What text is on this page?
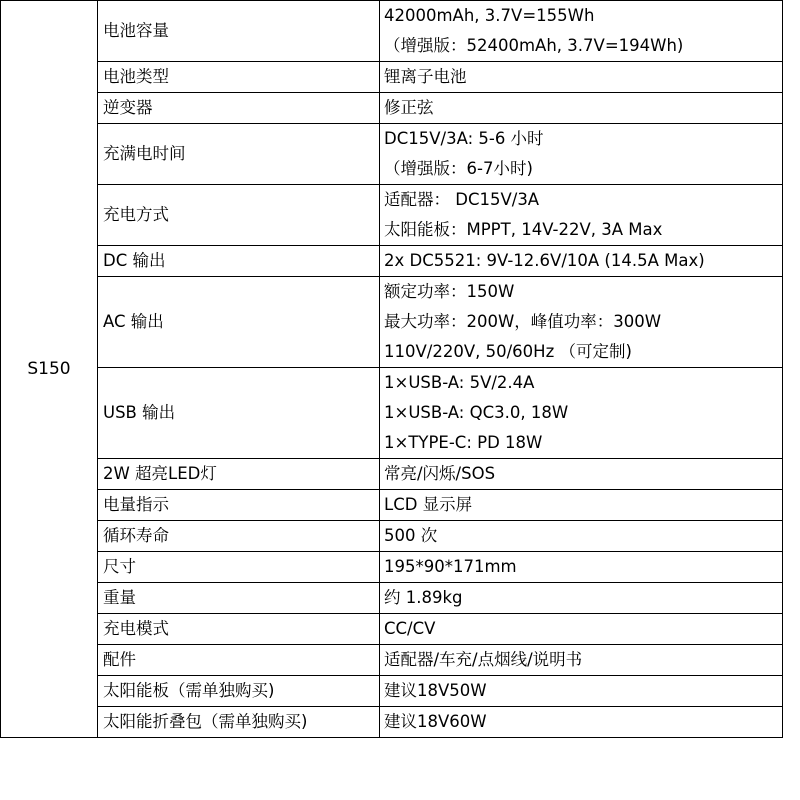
S150	电池容量	42000mAh, 3.7V=155Wh
（增强版：52400mAh, 3.7V=194Wh)

	电池类型	锂离子电池

	逆变器	修正弦

	充满电时间	DC15V/3A: 5-6 小时
（增强版：6-7小时)

	充电方式	适配器： DC15V/3A
太阳能板：MPPT, 14V-22V, 3A Max

	DC 输出	2x DC5521: 9V-12.6V/10A (14.5A Max)

	AC 输出	额定功率：150W
最大功率：200W，峰值功率：300W
110V/220V, 50/60Hz （可定制)

	USB 输出	1×USB-A: 5V/2.4A
1×USB-A: QC3.0, 18W
1×TYPE-C: PD 18W

	2W 超亮LED灯	常亮/闪烁/SOS

	电量指示	LCD 显示屏

	循环寿命	500 次

	尺寸	195*90*171mm

	重量	约 1.89kg

	充电模式	CC/CV

	配件	适配器/车充/点烟线/说明书

	太阳能板（需单独购买)	建议18V50W

	太阳能折叠包（需单独购买)	建议18V60W
